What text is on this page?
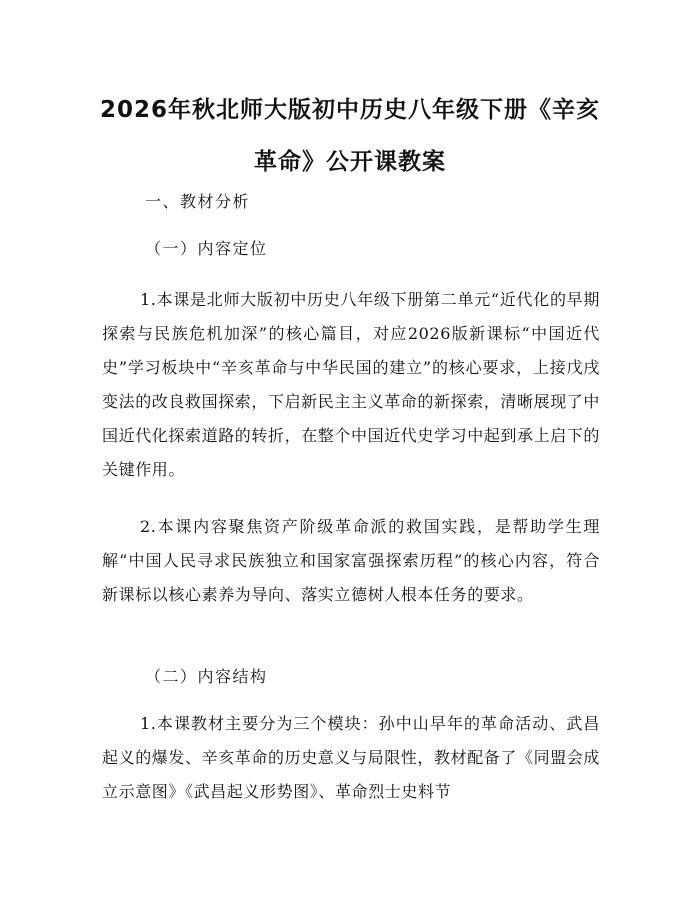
2026年秋北师大版初中历史八年级下册《辛亥革命》公开课教案
一、教材分析
（一）内容定位

1.本课是北师大版初中历史八年级下册第二单元“近代化的早期探索与民族危机加深”的核心篇目，对应2026版新课标“中国近代史”学习板块中“辛亥革命与中华民国的建立”的核心要求，上接戊戌变法的改良救国探索，下启新民主主义革命的新探索，清晰展现了中国近代化探索道路的转折，在整个中国近代史学习中起到承上启下的关键作用。

2.本课内容聚焦资产阶级革命派的救国实践，是帮助学生理解“中国人民寻求民族独立和国家富强探索历程”的核心内容，符合新课标以核心素养为导向、落实立德树人根本任务的要求。

（二）内容结构

1.本课教材主要分为三个模块：孙中山早年的革命活动、武昌起义的爆发、辛亥革命的历史意义与局限性，教材配备了《同盟会成立示意图》《武昌起义形势图》、革命烈士史料节
